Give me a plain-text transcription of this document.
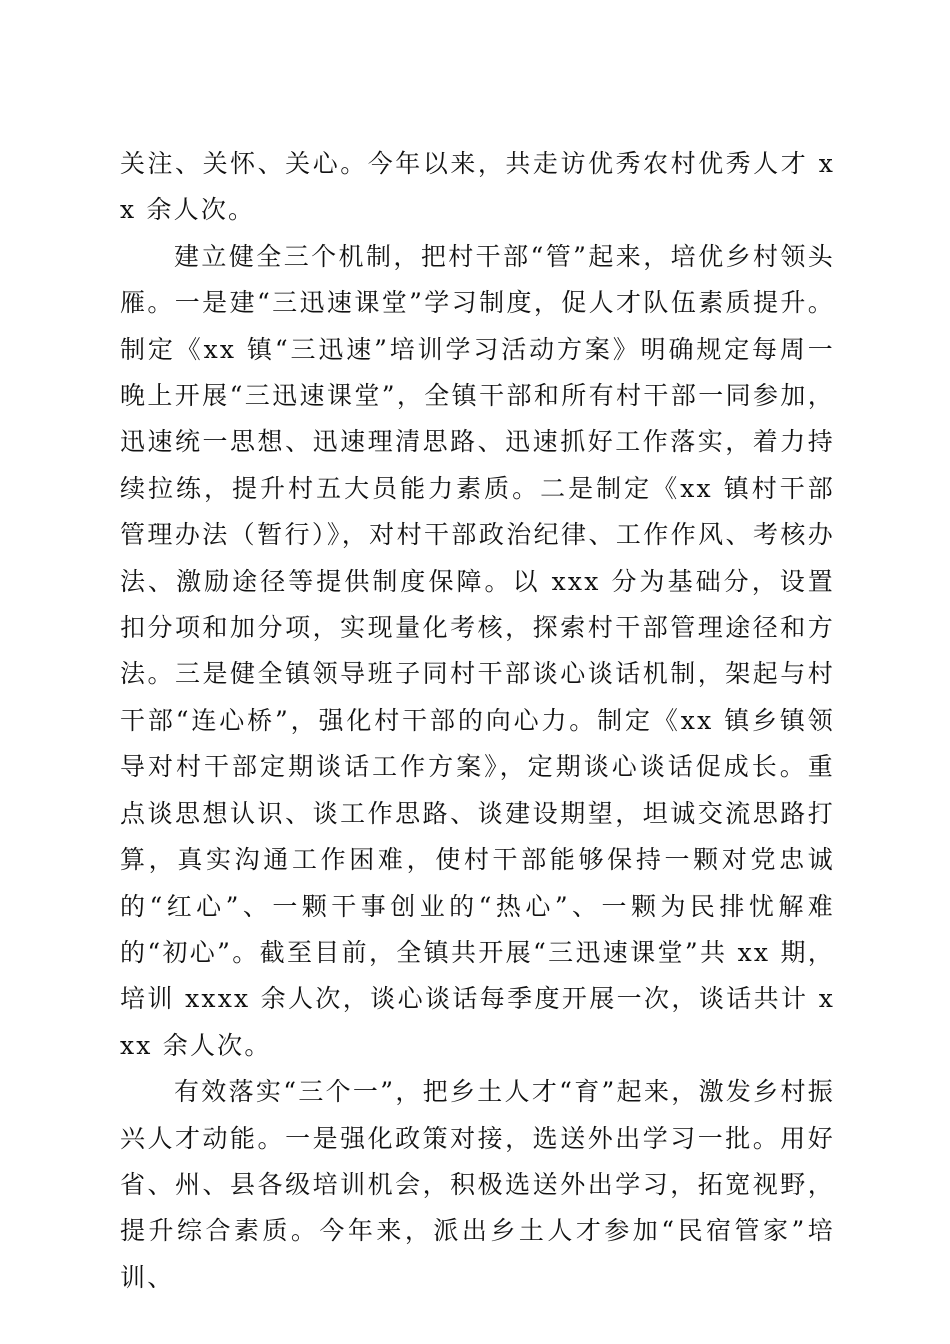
关注、关怀、关心。今年以来，共走访优秀农村优秀人才 xx 余人次。

建立健全三个机制，把村干部“管”起来，培优乡村领头雁。一是建“三迅速课堂”学习制度，促人才队伍素质提升。制定《xx 镇“三迅速”培训学习活动方案》明确规定每周一晚上开展“三迅速课堂”，全镇干部和所有村干部一同参加，迅速统一思想、迅速理清思路、迅速抓好工作落实，着力持续拉练，提升村五大员能力素质。二是制定《xx 镇村干部管理办法（暂行）》，对村干部政治纪律、工作作风、考核办法、激励途径等提供制度保障。以 xxx 分为基础分，设置扣分项和加分项，实现量化考核，探索村干部管理途径和方法。三是健全镇领导班子同村干部谈心谈话机制，架起与村干部“连心桥”，强化村干部的向心力。制定《xx 镇乡镇领导对村干部定期谈话工作方案》，定期谈心谈话促成长。重点谈思想认识、谈工作思路、谈建设期望，坦诚交流思路打算，真实沟通工作困难，使村干部能够保持一颗对党忠诚的“红心”、一颗干事创业的“热心”、一颗为民排忧解难的“初心”。截至目前，全镇共开展“三迅速课堂”共 xx 期，培训 xxxx 余人次，谈心谈话每季度开展一次，谈话共计 xxx 余人次。

有效落实“三个一”，把乡土人才“育”起来，激发乡村振兴人才动能。一是强化政策对接，选送外出学习一批。用好省、州、县各级培训机会，积极选送外出学习，拓宽视野，提升综合素质。今年来，派出乡土人才参加“民宿管家”培训、
